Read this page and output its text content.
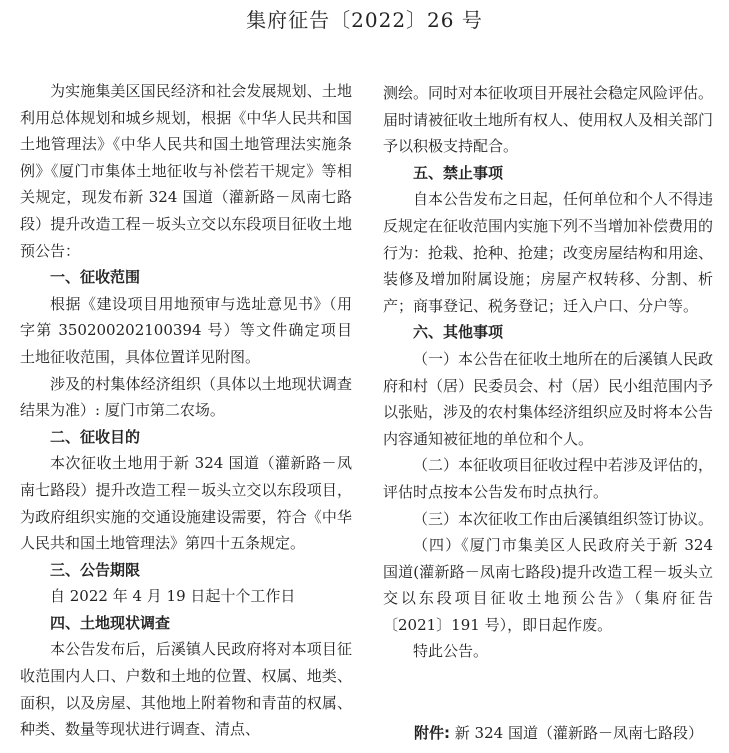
集府征告〔2022〕26 号

为实施集美区国民经济和社会发展规划、土地利用总体规划和城乡规划，根据《中华人民共和国土地管理法》《中华人民共和国土地管理法实施条例》《厦门市集体土地征收与补偿若干规定》等相关规定，现发布新 324 国道（灌新路－凤南七路段）提升改造工程－坂头立交以东段项目征收土地预公告：

一、征收范围

根据《建设项目用地预审与选址意见书》（用字第 350200202100394 号）等文件确定项目土地征收范围，具体位置详见附图。

涉及的村集体经济组织（具体以土地现状调查结果为准）: 厦门市第二农场。

二、征收目的

本次征收土地用于新 324 国道（灌新路－凤南七路段）提升改造工程－坂头立交以东段项目，为政府组织实施的交通设施建设需要，符合《中华人民共和国土地管理法》第四十五条规定。

三、公告期限

自 2022 年 4 月 19 日起十个工作日

四、土地现状调查

本公告发布后，后溪镇人民政府将对本项目征收范围内人口、户数和土地的位置、权属、地类、面积，以及房屋、其他地上附着物和青苗的权属、种类、数量等现状进行调查、清点、

测绘。同时对本征收项目开展社会稳定风险评估。届时请被征收土地所有权人、使用权人及相关部门予以积极支持配合。

五、禁止事项

自本公告发布之日起，任何单位和个人不得违反规定在征收范围内实施下列不当增加补偿费用的行为：抢栽、抢种、抢建；改变房屋结构和用途、装修及增加附属设施；房屋产权转移、分割、析产；商事登记、税务登记；迁入户口、分户等。

六、其他事项

（一）本公告在征收土地所在的后溪镇人民政府和村（居）民委员会、村（居）民小组范围内予以张贴，涉及的农村集体经济组织应及时将本公告内容通知被征地的单位和个人。

（二）本征收项目征收过程中若涉及评估的，评估时点按本公告发布时点执行。

（三）本次征收工作由后溪镇组织签订协议。

（四）《厦门市集美区人民政府关于新 324 国道(灌新路－凤南七路段)提升改造工程－坂头立交以东段项目征收土地预公告》（集府征告〔2021〕191 号），即日起作废。

特此公告。

附件: 新 324 国道（灌新路－凤南七路段）
